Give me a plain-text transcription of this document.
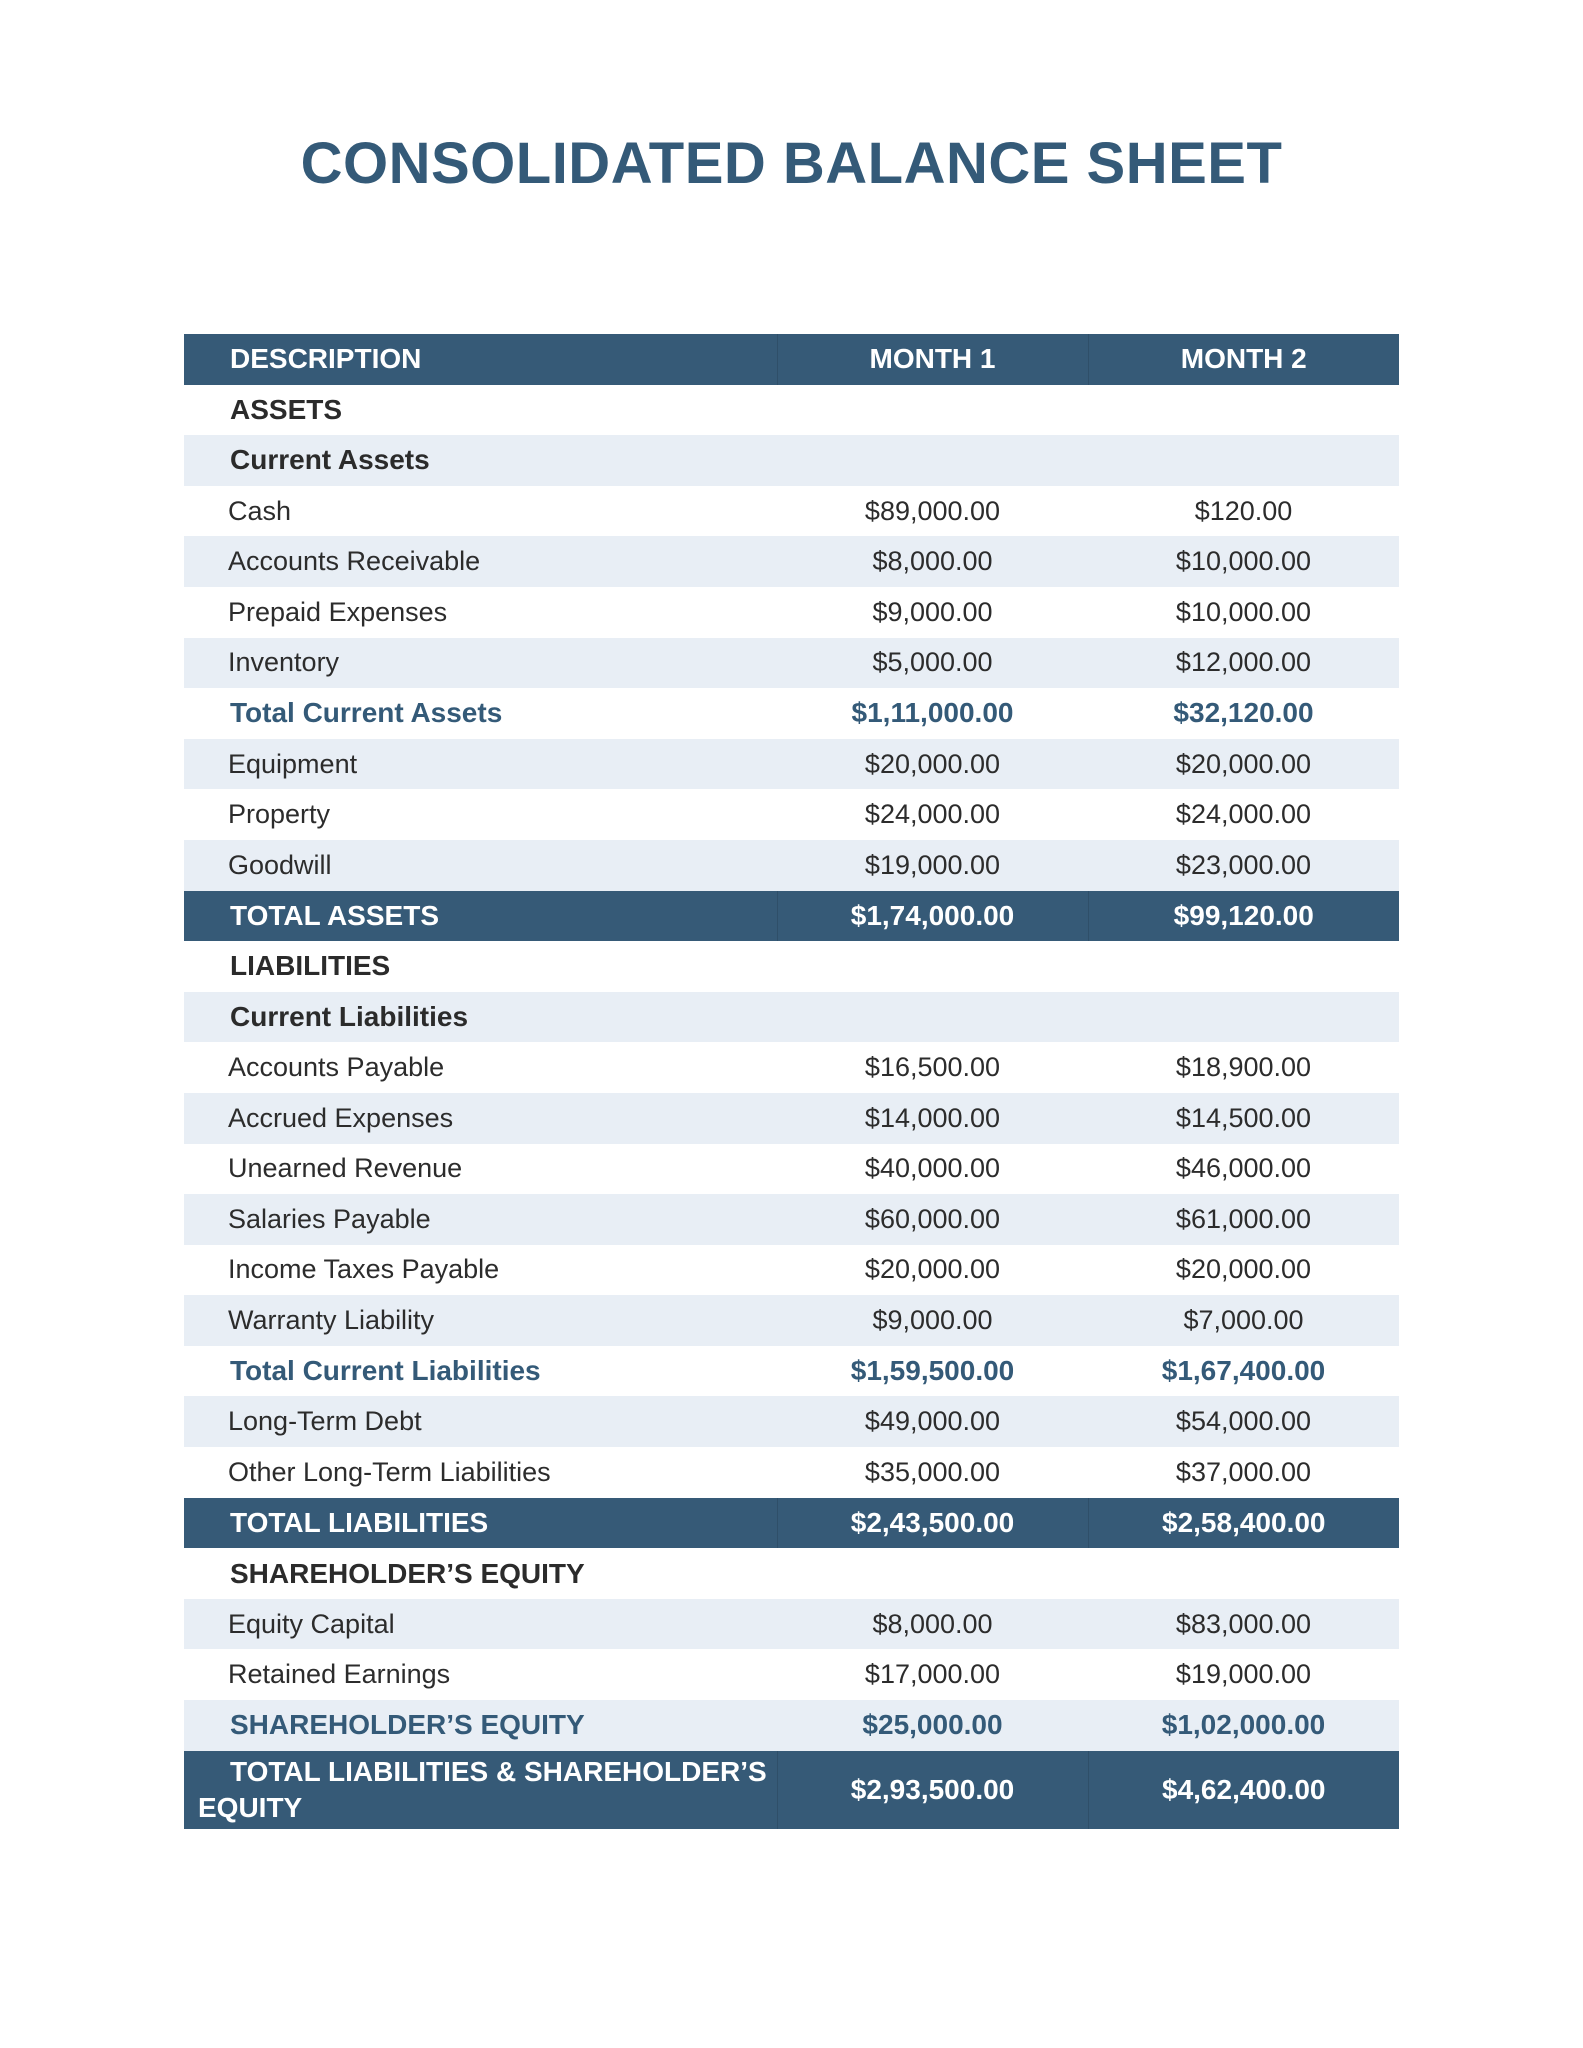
CONSOLIDATED BALANCE SHEET
DESCRIPTION	MONTH 1	MONTH 2
ASSETS		
Current Assets		
Cash	$89,000.00	$120.00
Accounts Receivable	$8,000.00	$10,000.00
Prepaid Expenses	$9,000.00	$10,000.00
Inventory	$5,000.00	$12,000.00
Total Current Assets	$1,11,000.00	$32,120.00
Equipment	$20,000.00	$20,000.00
Property	$24,000.00	$24,000.00
Goodwill	$19,000.00	$23,000.00
TOTAL ASSETS	$1,74,000.00	$99,120.00
LIABILITIES		
Current Liabilities		
Accounts Payable	$16,500.00	$18,900.00
Accrued Expenses	$14,000.00	$14,500.00
Unearned Revenue	$40,000.00	$46,000.00
Salaries Payable	$60,000.00	$61,000.00
Income Taxes Payable	$20,000.00	$20,000.00
Warranty Liability	$9,000.00	$7,000.00
Total Current Liabilities	$1,59,500.00	$1,67,400.00
Long-Term Debt	$49,000.00	$54,000.00
Other Long-Term Liabilities	$35,000.00	$37,000.00
TOTAL LIABILITIES	$2,43,500.00	$2,58,400.00
SHAREHOLDER’S EQUITY		
Equity Capital	$8,000.00	$83,000.00
Retained Earnings	$17,000.00	$19,000.00
SHAREHOLDER’S EQUITY	$25,000.00	$1,02,000.00

TOTAL LIABILITIES & SHAREHOLDER’S
EQUITY	$2,93,500.00	$4,62,400.00
